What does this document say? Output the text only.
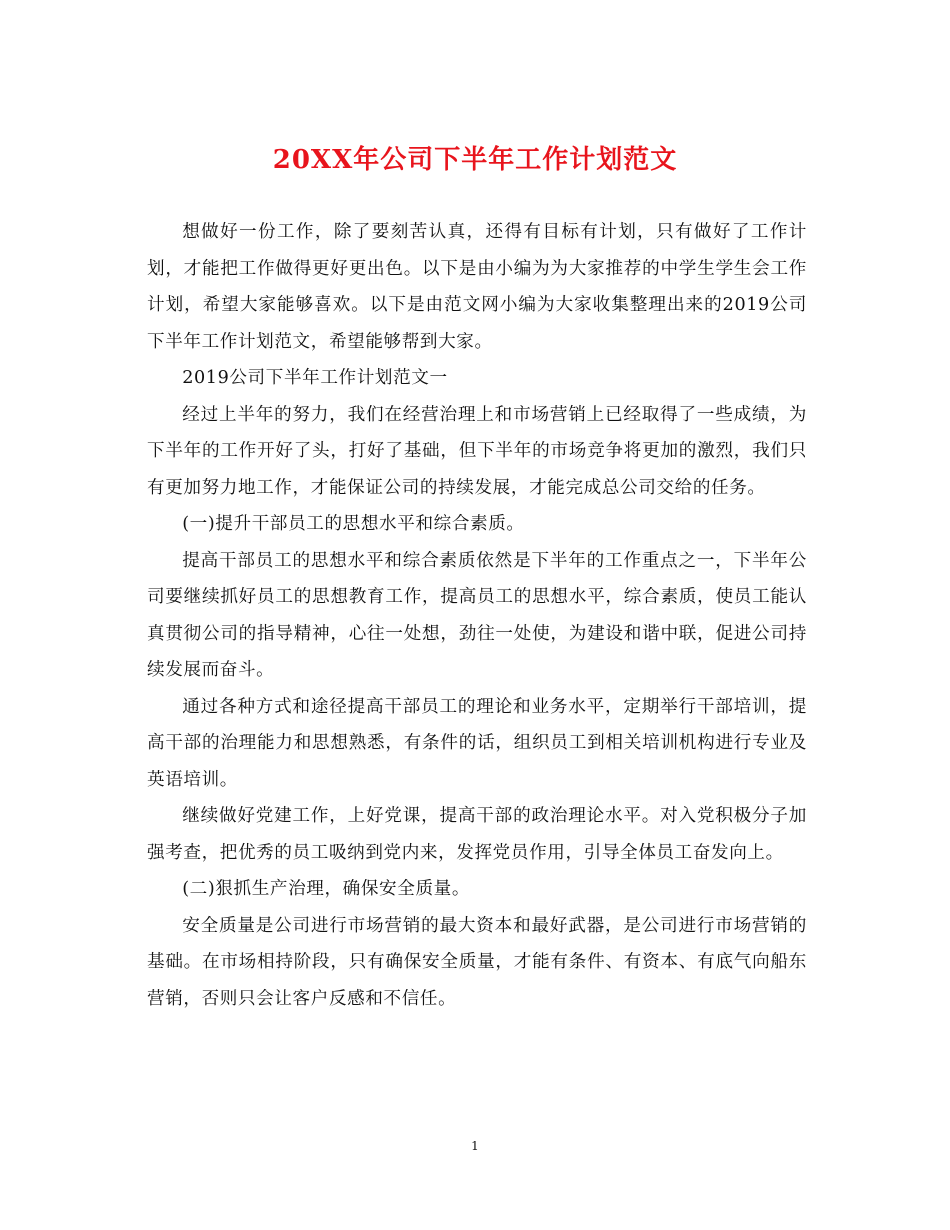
20XX年公司下半年工作计划范文

想做好一份工作，除了要刻苦认真，还得有目标有计划，只有做好了工作计划，才能把工作做得更好更出色。以下是由小编为为大家推荐的中学生学生会工作计划，希望大家能够喜欢。以下是由范文网小编为大家收集整理出来的2019公司下半年工作计划范文，希望能够帮到大家。

2019公司下半年工作计划范文一

经过上半年的努力，我们在经营治理上和市场营销上已经取得了一些成绩，为下半年的工作开好了头，打好了基础，但下半年的市场竞争将更加的激烈，我们只有更加努力地工作，才能保证公司的持续发展，才能完成总公司交给的任务。

(一)提升干部员工的思想水平和综合素质。

提高干部员工的思想水平和综合素质依然是下半年的工作重点之一，下半年公司要继续抓好员工的思想教育工作，提高员工的思想水平，综合素质，使员工能认真贯彻公司的指导精神，心往一处想，劲往一处使，为建设和谐中联，促进公司持续发展而奋斗。

通过各种方式和途径提高干部员工的理论和业务水平，定期举行干部培训，提高干部的治理能力和思想熟悉，有条件的话，组织员工到相关培训机构进行专业及英语培训。

继续做好党建工作，上好党课，提高干部的政治理论水平。对入党积极分子加强考查，把优秀的员工吸纳到党内来，发挥党员作用，引导全体员工奋发向上。

(二)狠抓生产治理，确保安全质量。

安全质量是公司进行市场营销的最大资本和最好武器，是公司进行市场营销的基础。在市场相持阶段，只有确保安全质量，才能有条件、有资本、有底气向船东营销，否则只会让客户反感和不信任。

1
